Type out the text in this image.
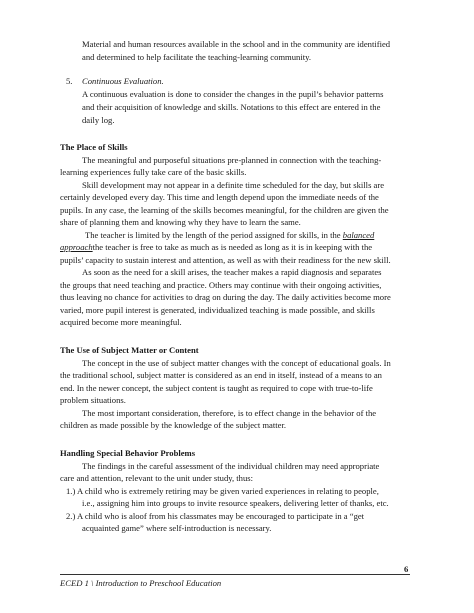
Material and human resources available in the school and in the community are identified
and determined to help facilitate the teaching-learning community.
5. Continuous Evaluation.
A continuous evaluation is done to consider the changes in the pupil’s behavior patterns
and their acquisition of knowledge and skills. Notations to this effect are entered in the
daily log.
The Place of Skills
The meaningful and purposeful situations pre-planned in connection with the teaching-
learning experiences fully take care of the basic skills.
Skill development may not appear in a definite time scheduled for the day, but skills are
certainly developed every day. This time and length depend upon the immediate needs of the
pupils. In any case, the learning of the skills becomes meaningful, for the children are given the
share of planning them and knowing why they have to learn the same.
The teacher is limited by the length of the period assigned for skills, in the balanced
approachthe teacher is free to take as much as is needed as long as it is in keeping with the
pupils’ capacity to sustain interest and attention, as well as with their readiness for the new skill.
As soon as the need for a skill arises, the teacher makes a rapid diagnosis and separates
the groups that need teaching and practice. Others may continue with their ongoing activities,
thus leaving no chance for activities to drag on during the day. The daily activities become more
varied, more pupil interest is generated, individualized teaching is made possible, and skills
acquired become more meaningful.
The Use of Subject Matter or Content
The concept in the use of subject matter changes with the concept of educational goals. In
the traditional school, subject matter is considered as an end in itself, instead of a means to an
end. In the newer concept, the subject content is taught as required to cope with true-to-life
problem situations.
The most important consideration, therefore, is to effect change in the behavior of the
children as made possible by the knowledge of the subject matter.
Handling Special Behavior Problems
The findings in the careful assessment of the individual children may need appropriate
care and attention, relevant to the unit under study, thus:
1.) A child who is extremely retiring may be given varied experiences in relating to people,
i.e., assigning him into groups to invite resource speakers, delivering letter of thanks, etc.
2.) A child who is aloof from his classmates may be encouraged to participate in a “get
acquainted game” where self-introduction is necessary.
6
ECED 1 \ Introduction to Preschool Education
